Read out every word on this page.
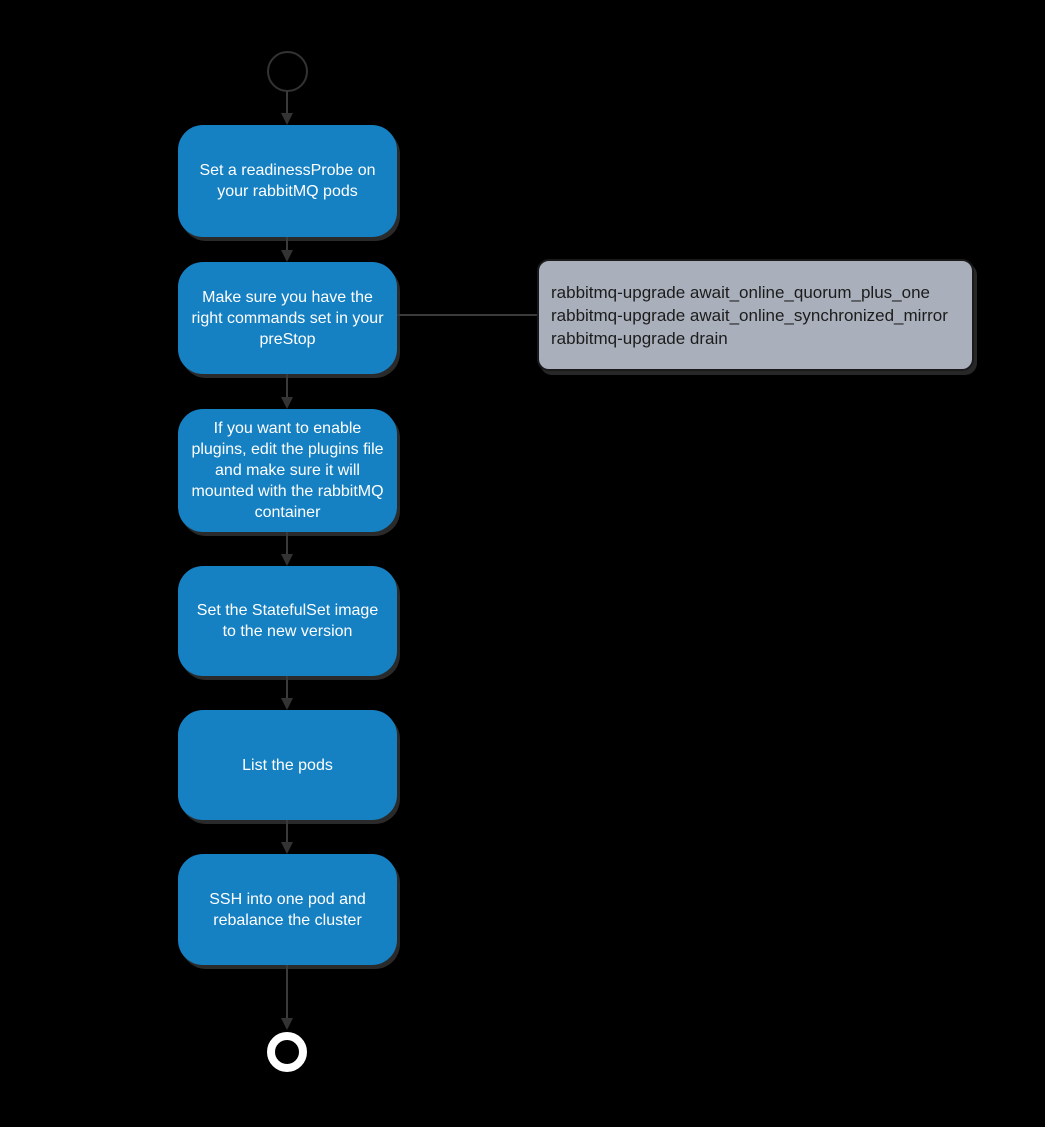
Set a readinessProbe on your rabbitMQ pods
Make sure you have the right commands set in your preStop
rabbitmq-upgrade await_online_quorum_plus_one
rabbitmq-upgrade await_online_synchronized_mirror
rabbitmq-upgrade drain
If you want to enable plugins, edit the plugins file and make sure it will mounted with the rabbitMQ container
Set the StatefulSet image to the new version
List the pods
SSH into one pod and rebalance the cluster
